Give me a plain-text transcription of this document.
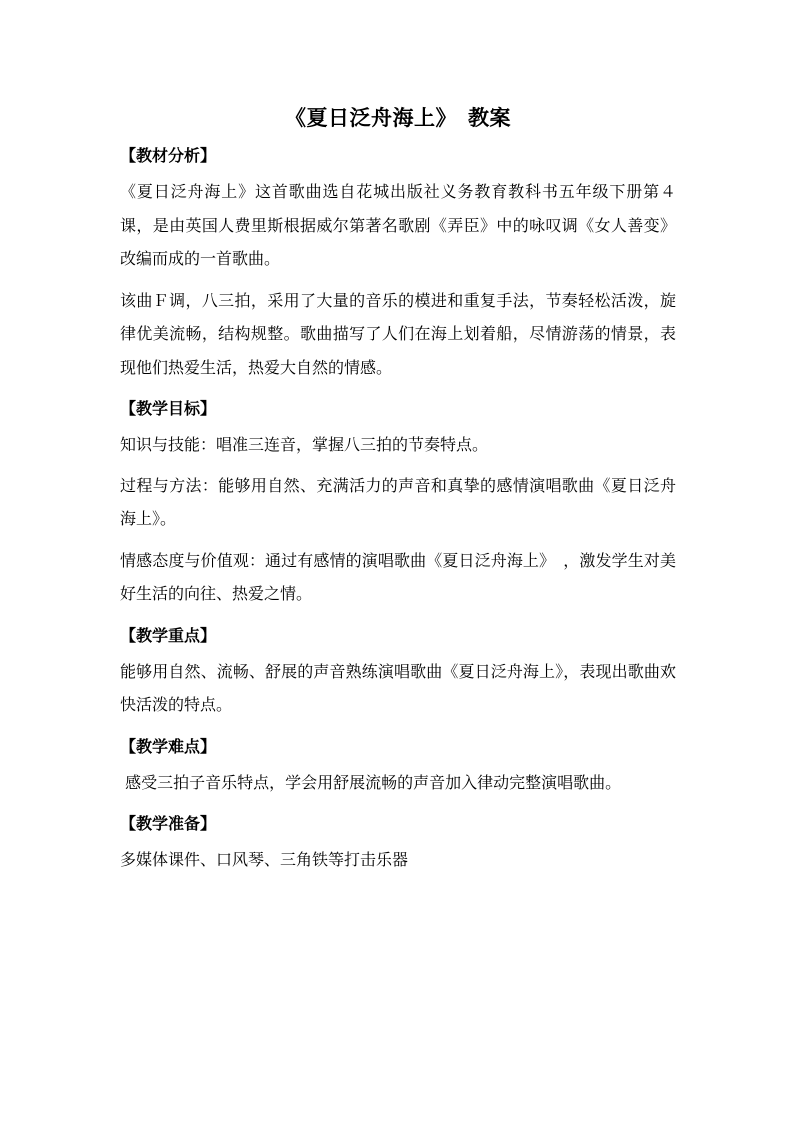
《夏日泛舟海上》　教案
【教材分析】

《夏日泛舟海上》这首歌曲选自花城出版社义务教育教科书五年级下册第４课，是由英国人费里斯根据威尔第著名歌剧《弄臣》中的咏叹调《女人善变》改编而成的一首歌曲。

该曲Ｆ调，八三拍，采用了大量的音乐的模进和重复手法，节奏轻松活泼，旋律优美流畅，结构规整。歌曲描写了人们在海上划着船，尽情游荡的情景，表现他们热爱生活，热爱大自然的情感。

【教学目标】

知识与技能：唱准三连音，掌握八三拍的节奏特点。

过程与方法：能够用自然、充满活力的声音和真挚的感情演唱歌曲《夏日泛舟海上》。

情感态度与价值观：通过有感情的演唱歌曲《夏日泛舟海上》　，激发学生对美好生活的向往、热爱之情。

【教学重点】

能够用自然、流畅、舒展的声音熟练演唱歌曲《夏日泛舟海上》，表现出歌曲欢快活泼的特点。

【教学难点】

感受三拍子音乐特点，学会用舒展流畅的声音加入律动完整演唱歌曲。

【教学准备】

多媒体课件、口风琴、三角铁等打击乐器
